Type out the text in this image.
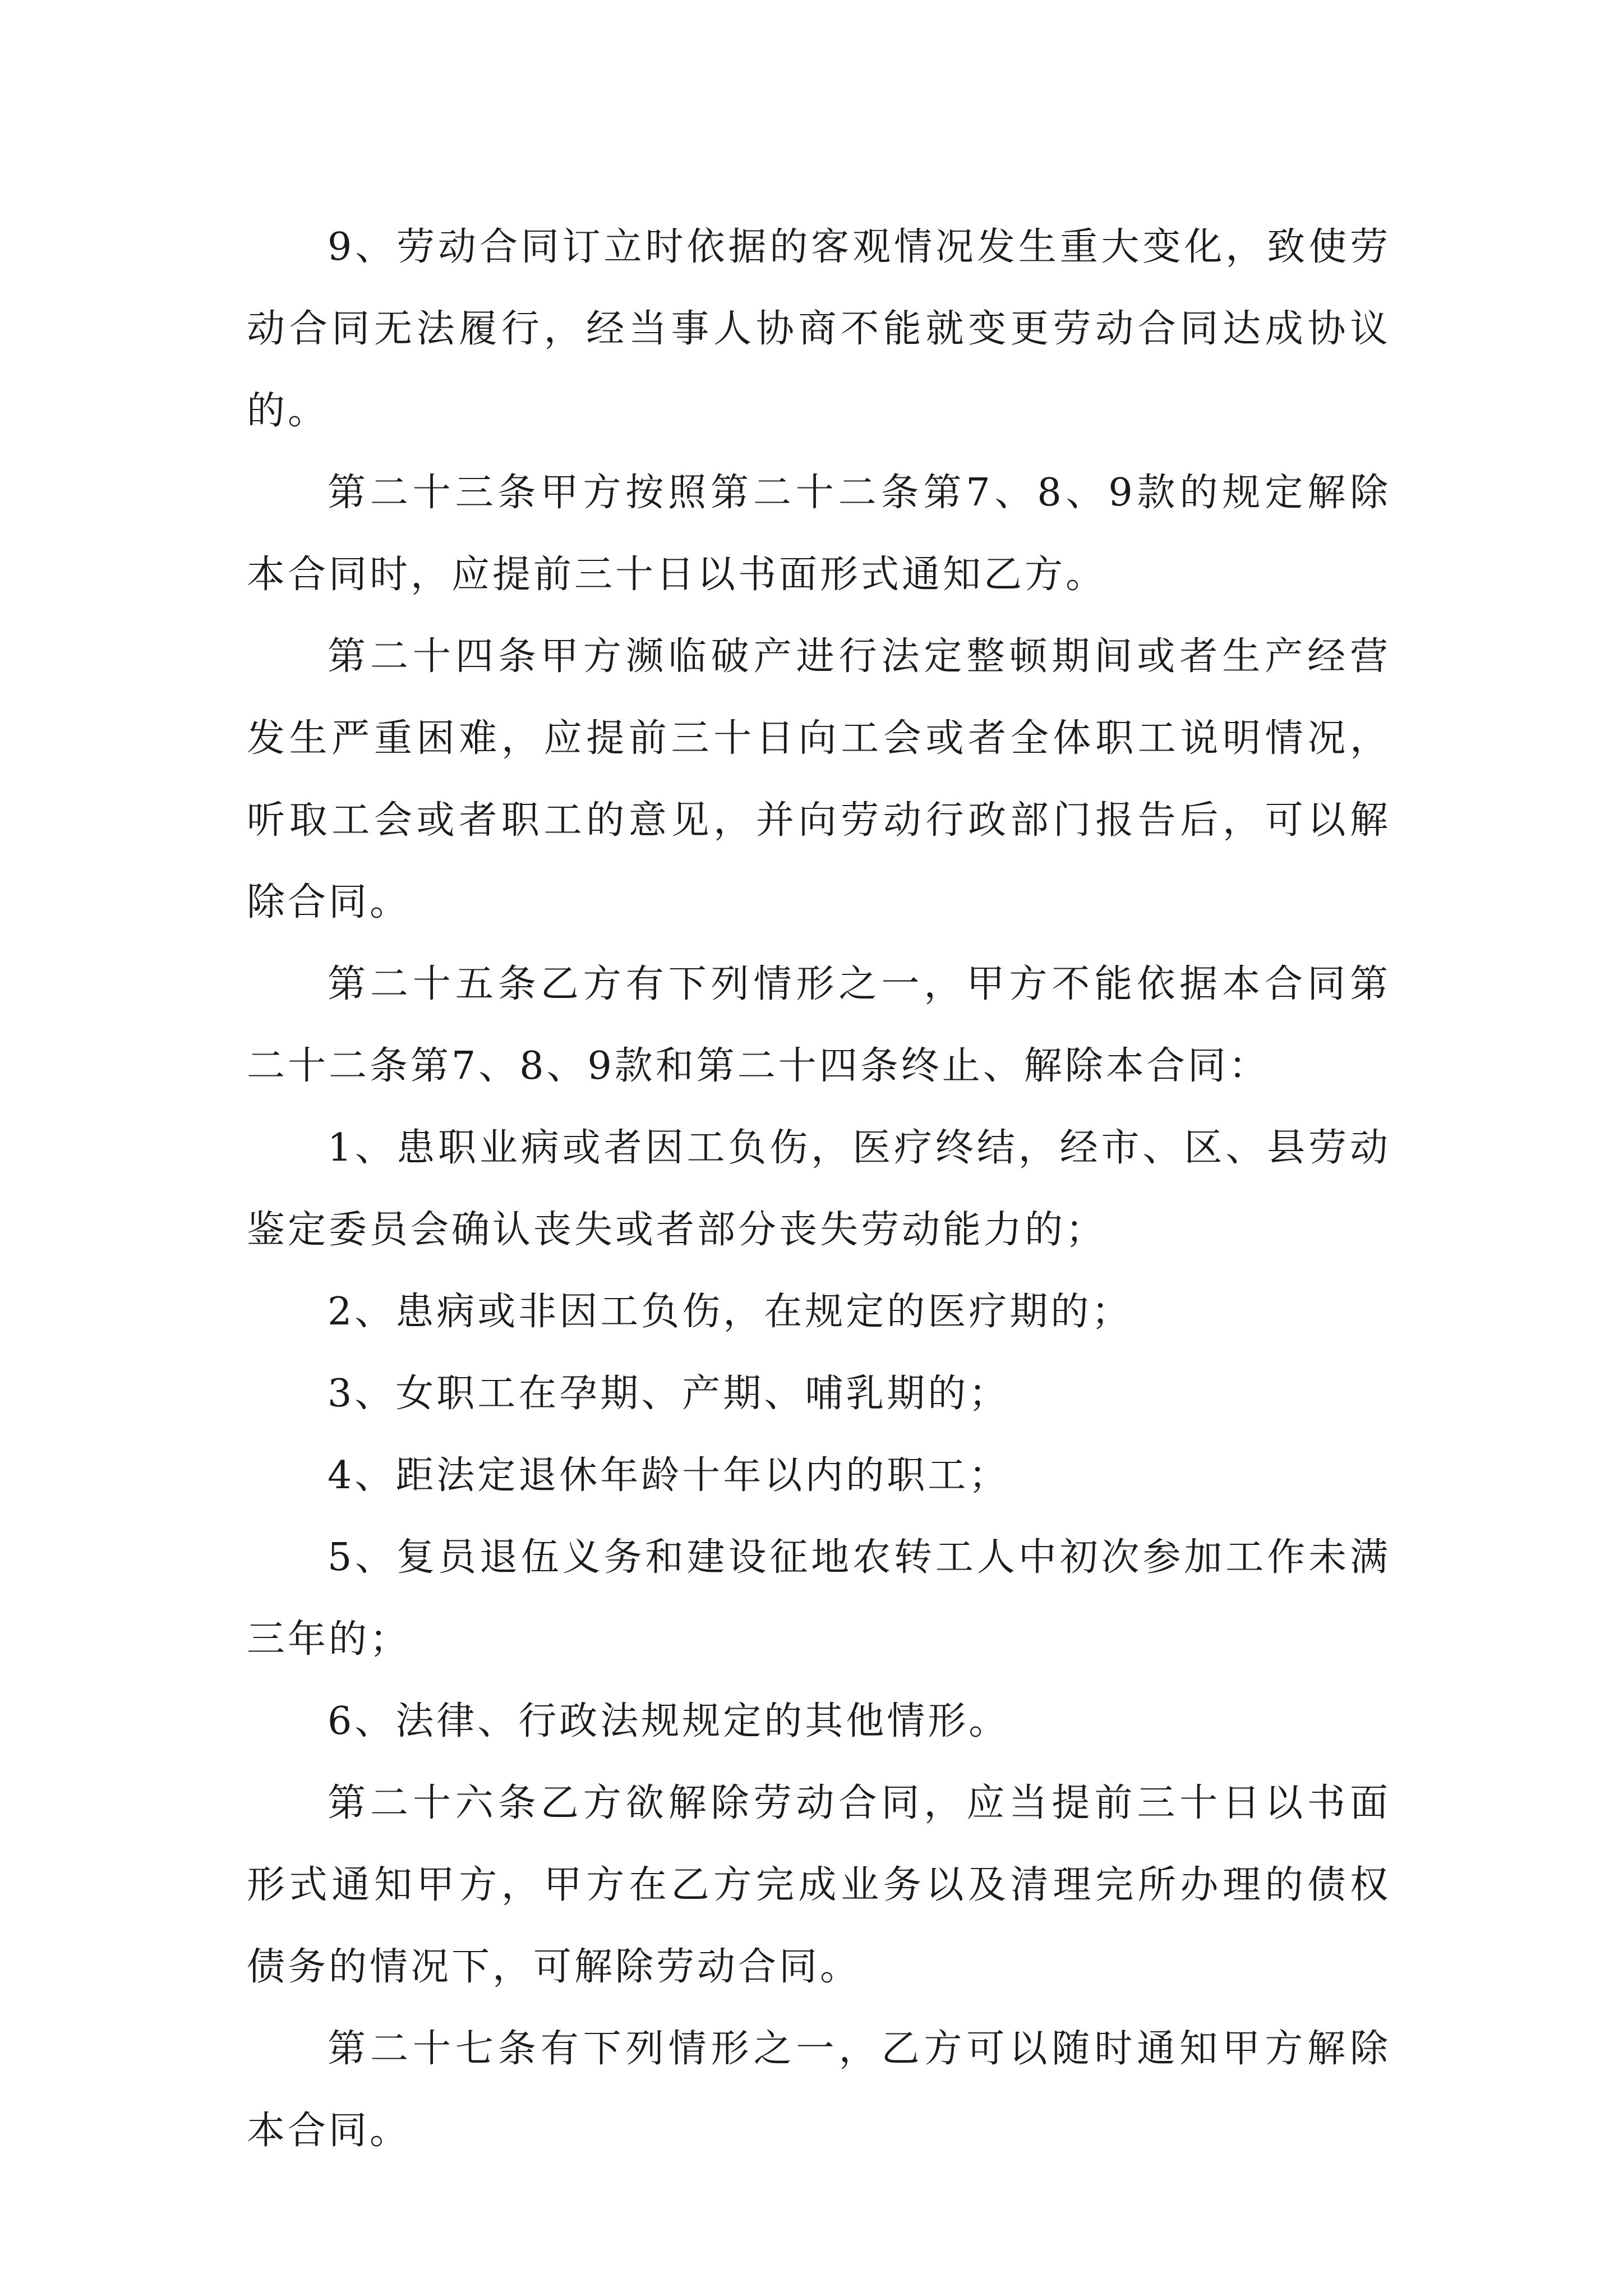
9、劳动合同订立时依据的客观情况发生重大变化，致使劳动合同无法履行，经当事人协商不能就变更劳动合同达成协议的。

第二十三条甲方按照第二十二条第7、8、9款的规定解除本合同时，应提前三十日以书面形式通知乙方。

第二十四条甲方濒临破产进行法定整顿期间或者生产经营发生严重困难，应提前三十日向工会或者全体职工说明情况，听取工会或者职工的意见，并向劳动行政部门报告后，可以解除合同。

第二十五条乙方有下列情形之一，甲方不能依据本合同第二十二条第7、8、9款和第二十四条终止、解除本合同：

1、患职业病或者因工负伤，医疗终结，经市、区、县劳动鉴定委员会确认丧失或者部分丧失劳动能力的；

2、患病或非因工负伤，在规定的医疗期的；

3、女职工在孕期、产期、哺乳期的；

4、距法定退休年龄十年以内的职工；

5、复员退伍义务和建设征地农转工人中初次参加工作未满三年的；

6、法律、行政法规规定的其他情形。

第二十六条乙方欲解除劳动合同，应当提前三十日以书面形式通知甲方，甲方在乙方完成业务以及清理完所办理的债权债务的情况下，可解除劳动合同。

第二十七条有下列情形之一，乙方可以随时通知甲方解除本合同。
